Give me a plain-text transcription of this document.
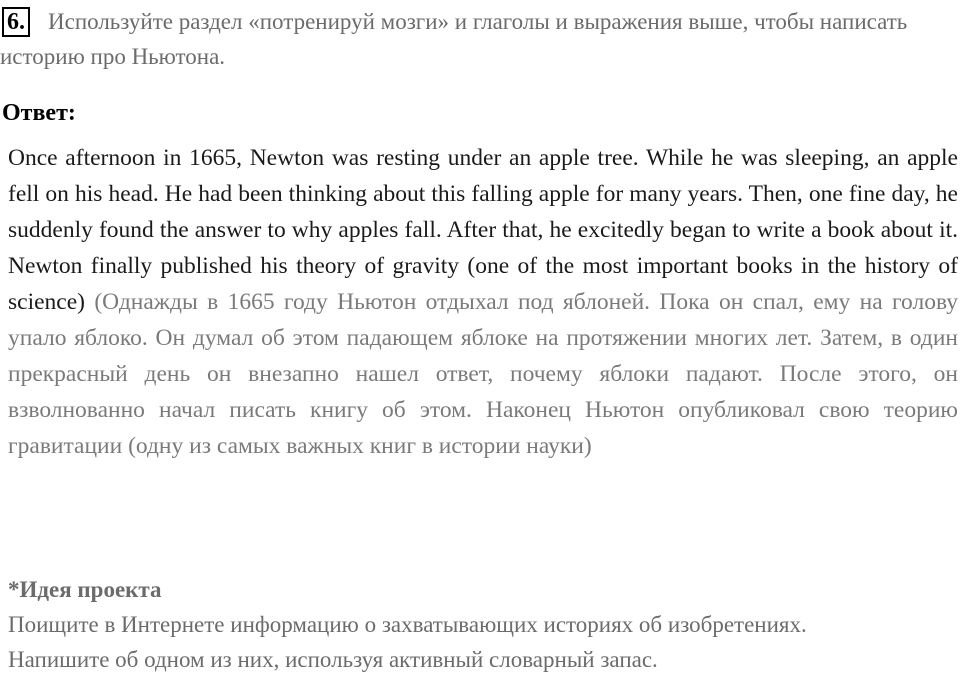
6. Используйте раздел «потренируй мозги» и глаголы и выражения выше, чтобы написать историю про Ньютона.
Ответ:
Once afternoon in 1665, Newton was resting under an apple tree. While he was sleeping, an apple fell on his head. He had been thinking about this falling apple for many years. Then, one fine day, he suddenly found the answer to why apples fall. After that, he excitedly began to write a book about it. Newton finally published his theory of gravity (one of the most important books in the history of science) (Однажды в 1665 году Ньютон отдыхал под яблоней. Пока он спал, ему на голову упало яблоко. Он думал об этом падающем яблоке на протяжении многих лет. Затем, в один прекрасный день он внезапно нашел ответ, почему яблоки падают. После этого, он взволнованно начал писать книгу об этом. Наконец Ньютон опубликовал свою теорию гравитации (одну из самых важных книг в истории науки)
*Идея проекта
Поищите в Интернете информацию о захватывающих историях об изобретениях.
Напишите об одном из них, используя активный словарный запас.
